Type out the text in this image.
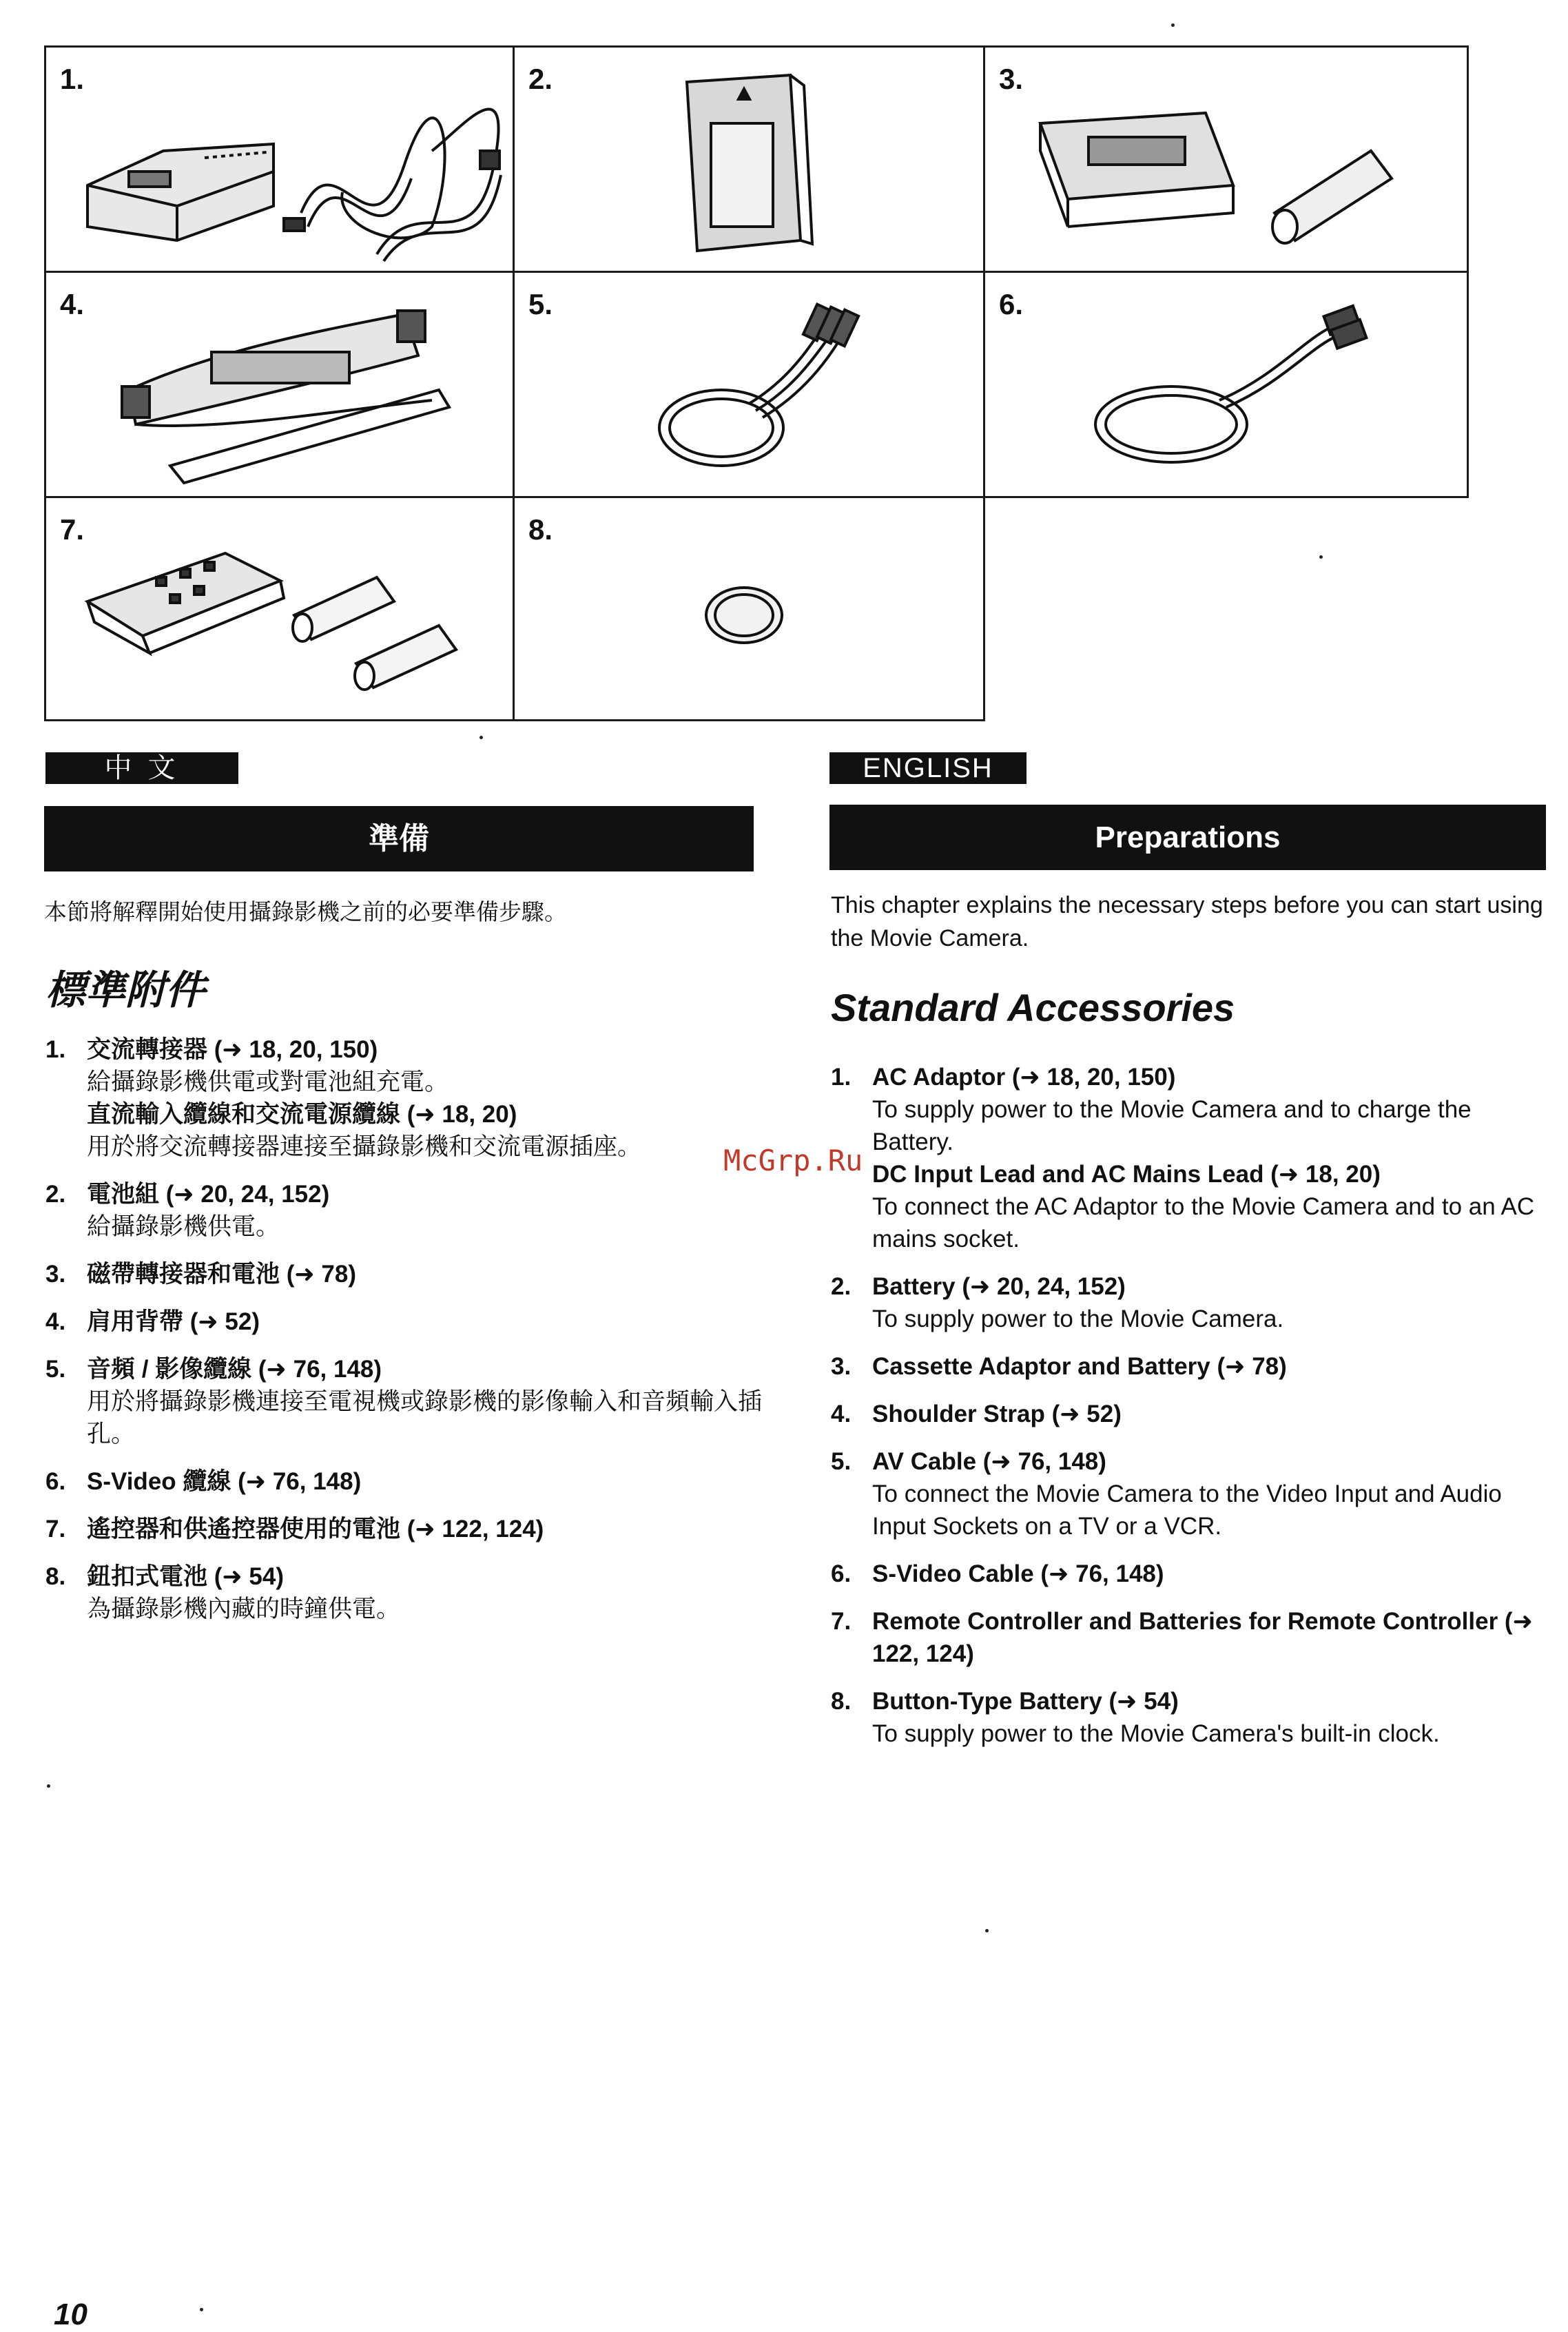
1.	2.	3.
4.	5.	6.
7.	8.
中 文
準備
本節將解釋開始使用攝錄影機之前的必要準備步驟。
標準附件
1. 交流轉接器 (➜ 18, 20, 150)
給攝錄影機供電或對電池組充電。
直流輸入纜線和交流電源纜線 (➜ 18, 20)
用於將交流轉接器連接至攝錄影機和交流電源插座。
2. 電池組 (➜ 20, 24, 152)
給攝錄影機供電。
3. 磁帶轉接器和電池 (➜ 78)
4. 肩用背帶 (➜ 52)
5. 音頻 / 影像纜線 (➜ 76, 148)
用於將攝錄影機連接至電視機或錄影機的影像輸入和音頻輸入插孔。
6. S-Video 纜線 (➜ 76, 148)
7. 遙控器和供遙控器使用的電池 (➜ 122, 124)
8. 鈕扣式電池 (➜ 54)
為攝錄影機內藏的時鐘供電。
ENGLISH
Preparations
This chapter explains the necessary steps before you can start using the Movie Camera.
Standard Accessories
1. AC Adaptor (➜ 18, 20, 150)
To supply power to the Movie Camera and to charge the Battery.
DC Input Lead and AC Mains Lead (➜ 18, 20)
To connect the AC Adaptor to the Movie Camera and to an AC mains socket.
2. Battery (➜ 20, 24, 152)
To supply power to the Movie Camera.
3. Cassette Adaptor and Battery (➜ 78)
4. Shoulder Strap (➜ 52)
5. AV Cable (➜ 76, 148)
To connect the Movie Camera to the Video Input and Audio Input Sockets on a TV or a VCR.
6. S-Video Cable (➜ 76, 148)
7. Remote Controller and Batteries for Remote Controller (➜ 122, 124)
8. Button-Type Battery (➜ 54)
To supply power to the Movie Camera's built-in clock.
McGrp.Ru
10
